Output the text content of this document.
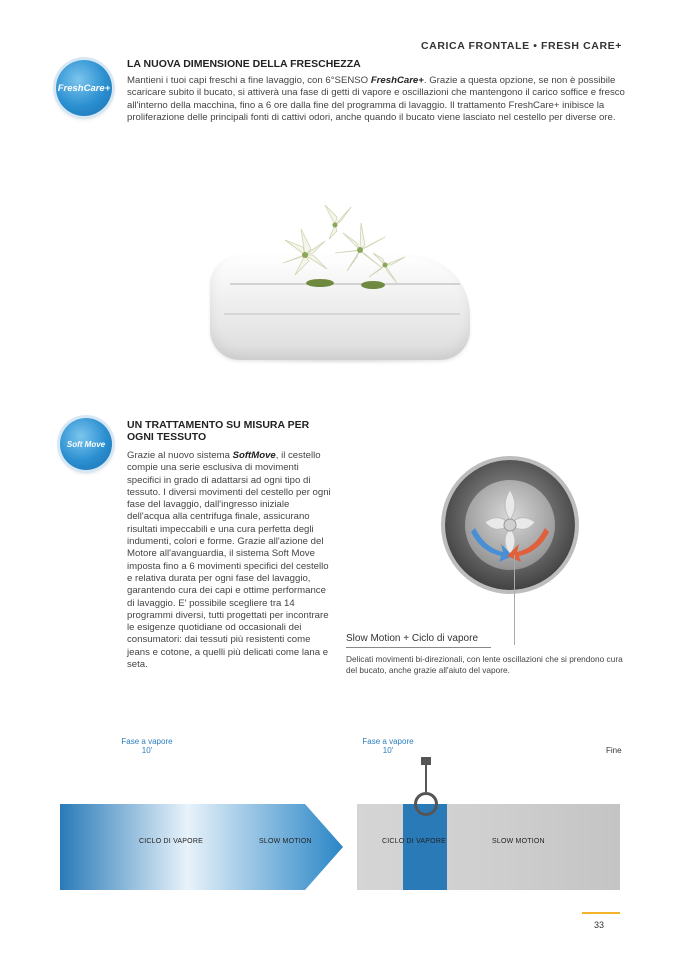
CARICA FRONTALE • FRESH CARE+
FreshCare+
LA NUOVA DIMENSIONE DELLA FRESCHEZZA
Mantieni i tuoi capi freschi a fine lavaggio, con 6°SENSO FreshCare+. Grazie a questa opzione, se non è possibile scaricare subito il bucato, si attiverà una fase di getti di vapore e oscillazioni che mantengono il carico soffice e fresco all'interno della macchina, fino a 6 ore dalla fine del programma di lavaggio. Il trattamento FreshCare+ inibisce la proliferazione delle principali fonti di cattivi odori, anche quando il bucato viene lasciato nel cestello per diverse ore.
Soft Move
UN TRATTAMENTO SU MISURA PER OGNI TESSUTO
Grazie al nuovo sistema SoftMove, il cestello compie una serie esclusiva di movimenti specifici in grado di adattarsi ad ogni tipo di tessuto. I diversi movimenti del cestello per ogni fase del lavaggio, dall'ingresso iniziale dell'acqua alla centrifuga finale, assicurano risultati impeccabili e una cura perfetta degli indumenti, colori e forme. Grazie all'azione del Motore all'avanguardia, il sistema Soft Move imposta fino a 6 movimenti specifici del cestello e relativa durata per ogni fase del lavaggio, garantendo cura dei capi e ottime performance di lavaggio. E' possibile scegliere tra 14 programmi diversi, tutti progettati per incontrare le esigenze quotidiane od occasionali dei consumatori: dai tessuti più resistenti come jeans e cotone, a quelli più delicati come lana e seta.
Slow Motion + Ciclo di vapore
Delicati movimenti bi-direzionali, con lente oscillazioni che si prendono cura del bucato, anche grazie all'aiuto del vapore.
Fase a vapore
10'
Fase a vapore
10'	Fine
CICLO DI VAPORE	SLOW MOTION	CICLO DI VAPORE	SLOW MOTION
33
